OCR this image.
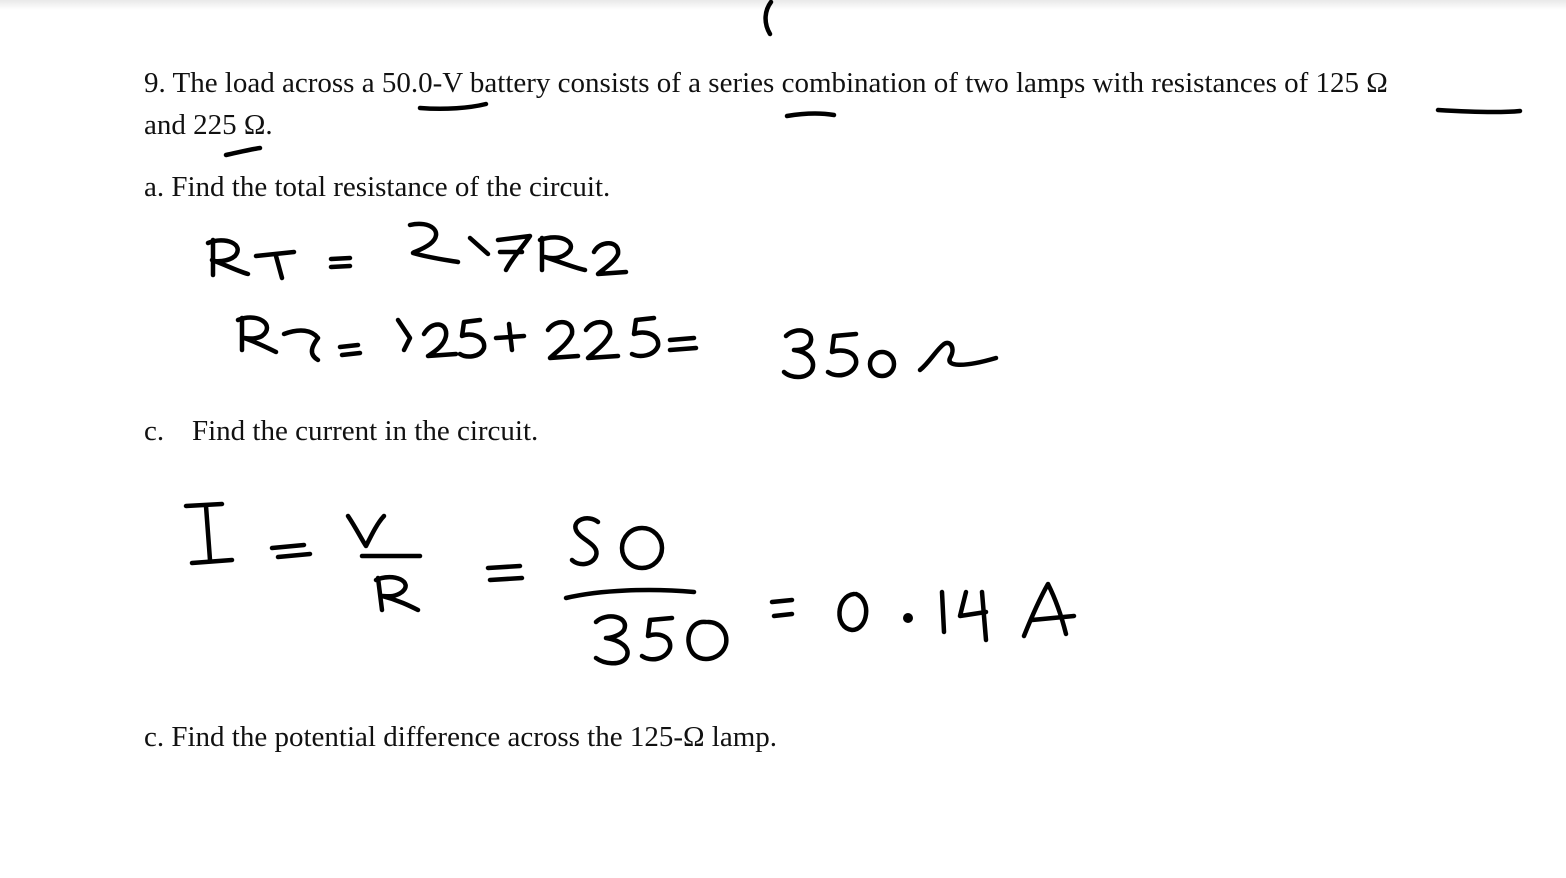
9. The load across a 50.0-V battery consists of a series combination of two lamps with resistances of 125 Ω
and 225 Ω.
a. Find the total resistance of the circuit.
c. Find the current in the circuit.
c. Find the potential difference across the 125-Ω lamp.
